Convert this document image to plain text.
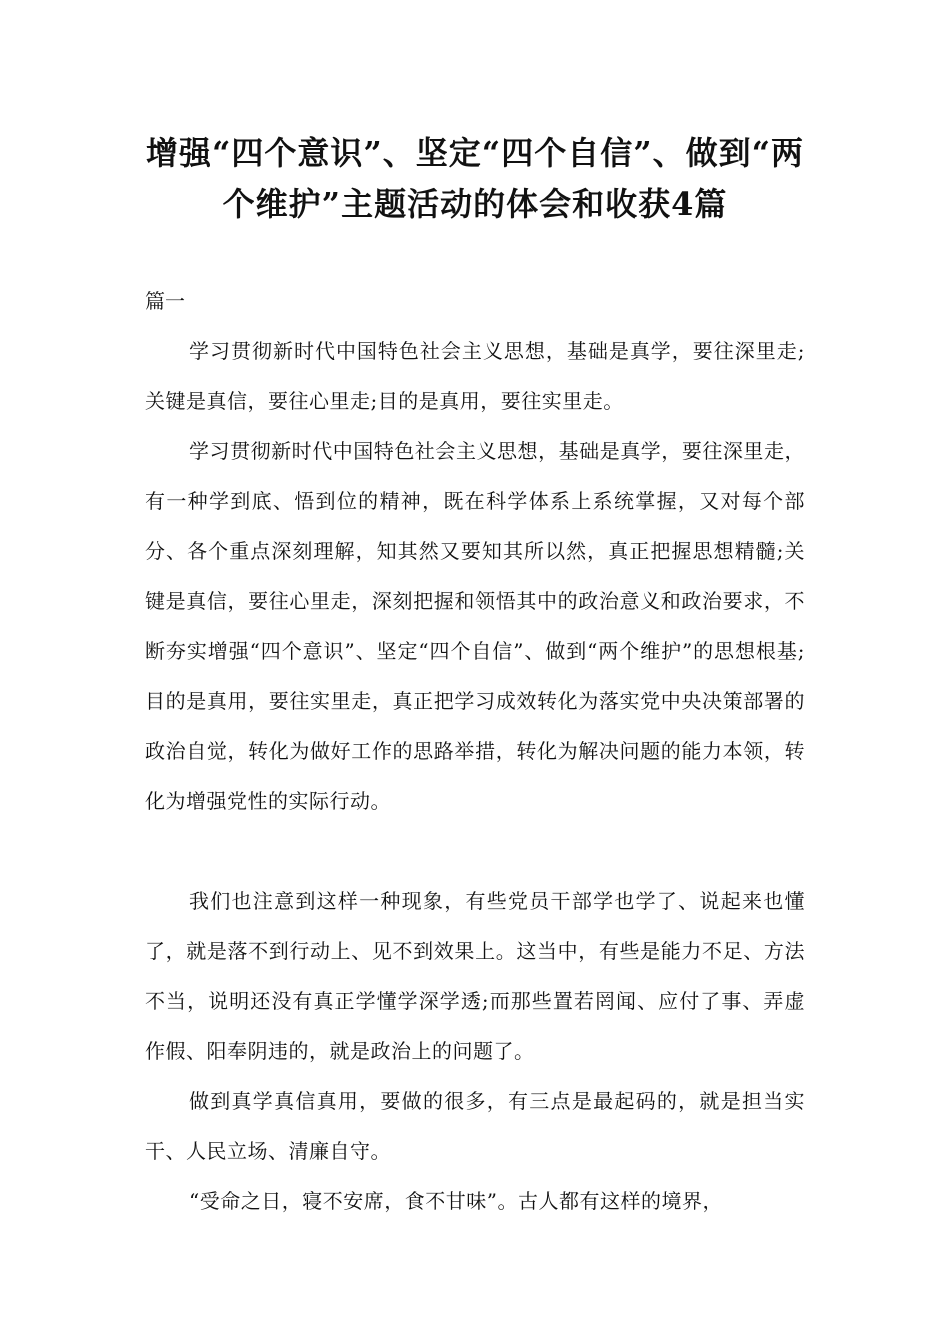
增强“四个意识”、坚定“四个自信”、做到“两个维护”主题活动的体会和收获4篇
篇一

学习贯彻新时代中国特色社会主义思想，基础是真学，要往深里走;关键是真信，要往心里走;目的是真用，要往实里走。

学习贯彻新时代中国特色社会主义思想，基础是真学，要往深里走，有一种学到底、悟到位的精神，既在科学体系上系统掌握，又对每个部分、各个重点深刻理解，知其然又要知其所以然，真正把握思想精髓;关键是真信，要往心里走，深刻把握和领悟其中的政治意义和政治要求，不断夯实增强“四个意识”、坚定“四个自信”、做到“两个维护”的思想根基;目的是真用，要往实里走，真正把学习成效转化为落实党中央决策部署的政治自觉，转化为做好工作的思路举措，转化为解决问题的能力本领，转化为增强党性的实际行动。

我们也注意到这样一种现象，有些党员干部学也学了、说起来也懂了，就是落不到行动上、见不到效果上。这当中，有些是能力不足、方法不当，说明还没有真正学懂学深学透;而那些置若罔闻、应付了事、弄虚作假、阳奉阴违的，就是政治上的问题了。

做到真学真信真用，要做的很多，有三点是最起码的，就是担当实干、人民立场、清廉自守。

“受命之日，寝不安席，食不甘味”。古人都有这样的境界，
